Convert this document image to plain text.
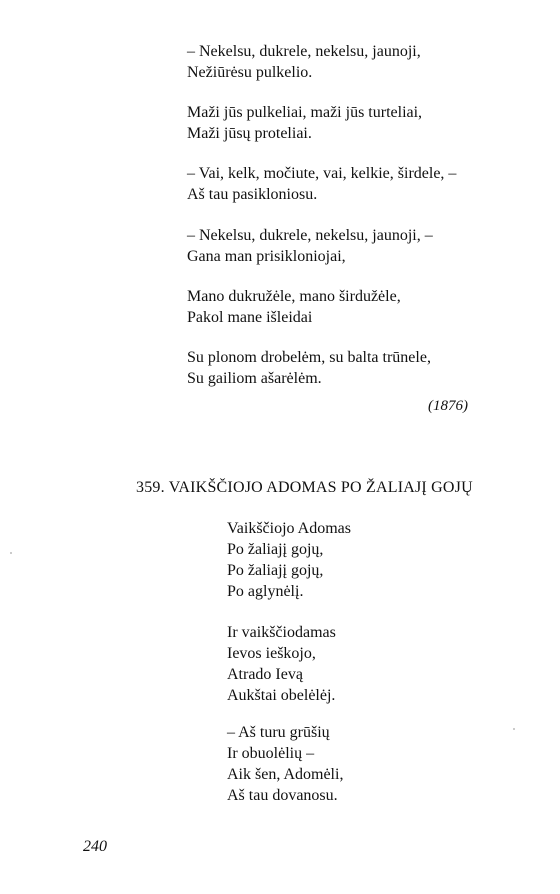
– Nekelsu, dukrele, nekelsu, jaunoji,
Nežiūrėsu pulkelio.
Maži jūs pulkeliai, maži jūs turteliai,
Maži jūsų proteliai.
– Vai, kelk, močiute, vai, kelkie, širdele, –
Aš tau pasikloniosu.
– Nekelsu, dukrele, nekelsu, jaunoji, –
Gana man prisikloniojai,
Mano dukružėle, mano širdužėle,
Pakol mane išleidai
Su plonom drobelėm, su balta trūnele,
Su gailiom ašarėlėm.
(1876)
359. VAIKŠČIOJO ADOMAS PO ŽALIAJĮ GOJŲ
Vaikščiojo Adomas
Po žaliajį gojų,
Po žaliajį gojų,
Po aglynėlį.
Ir vaikščiodamas
Ievos ieškojo,
Atrado Ievą
Aukštai obelėlėj.
– Aš turu grūšių
Ir obuolėlių –
Aik šen, Adomėli,
Aš tau dovanosu.
240
